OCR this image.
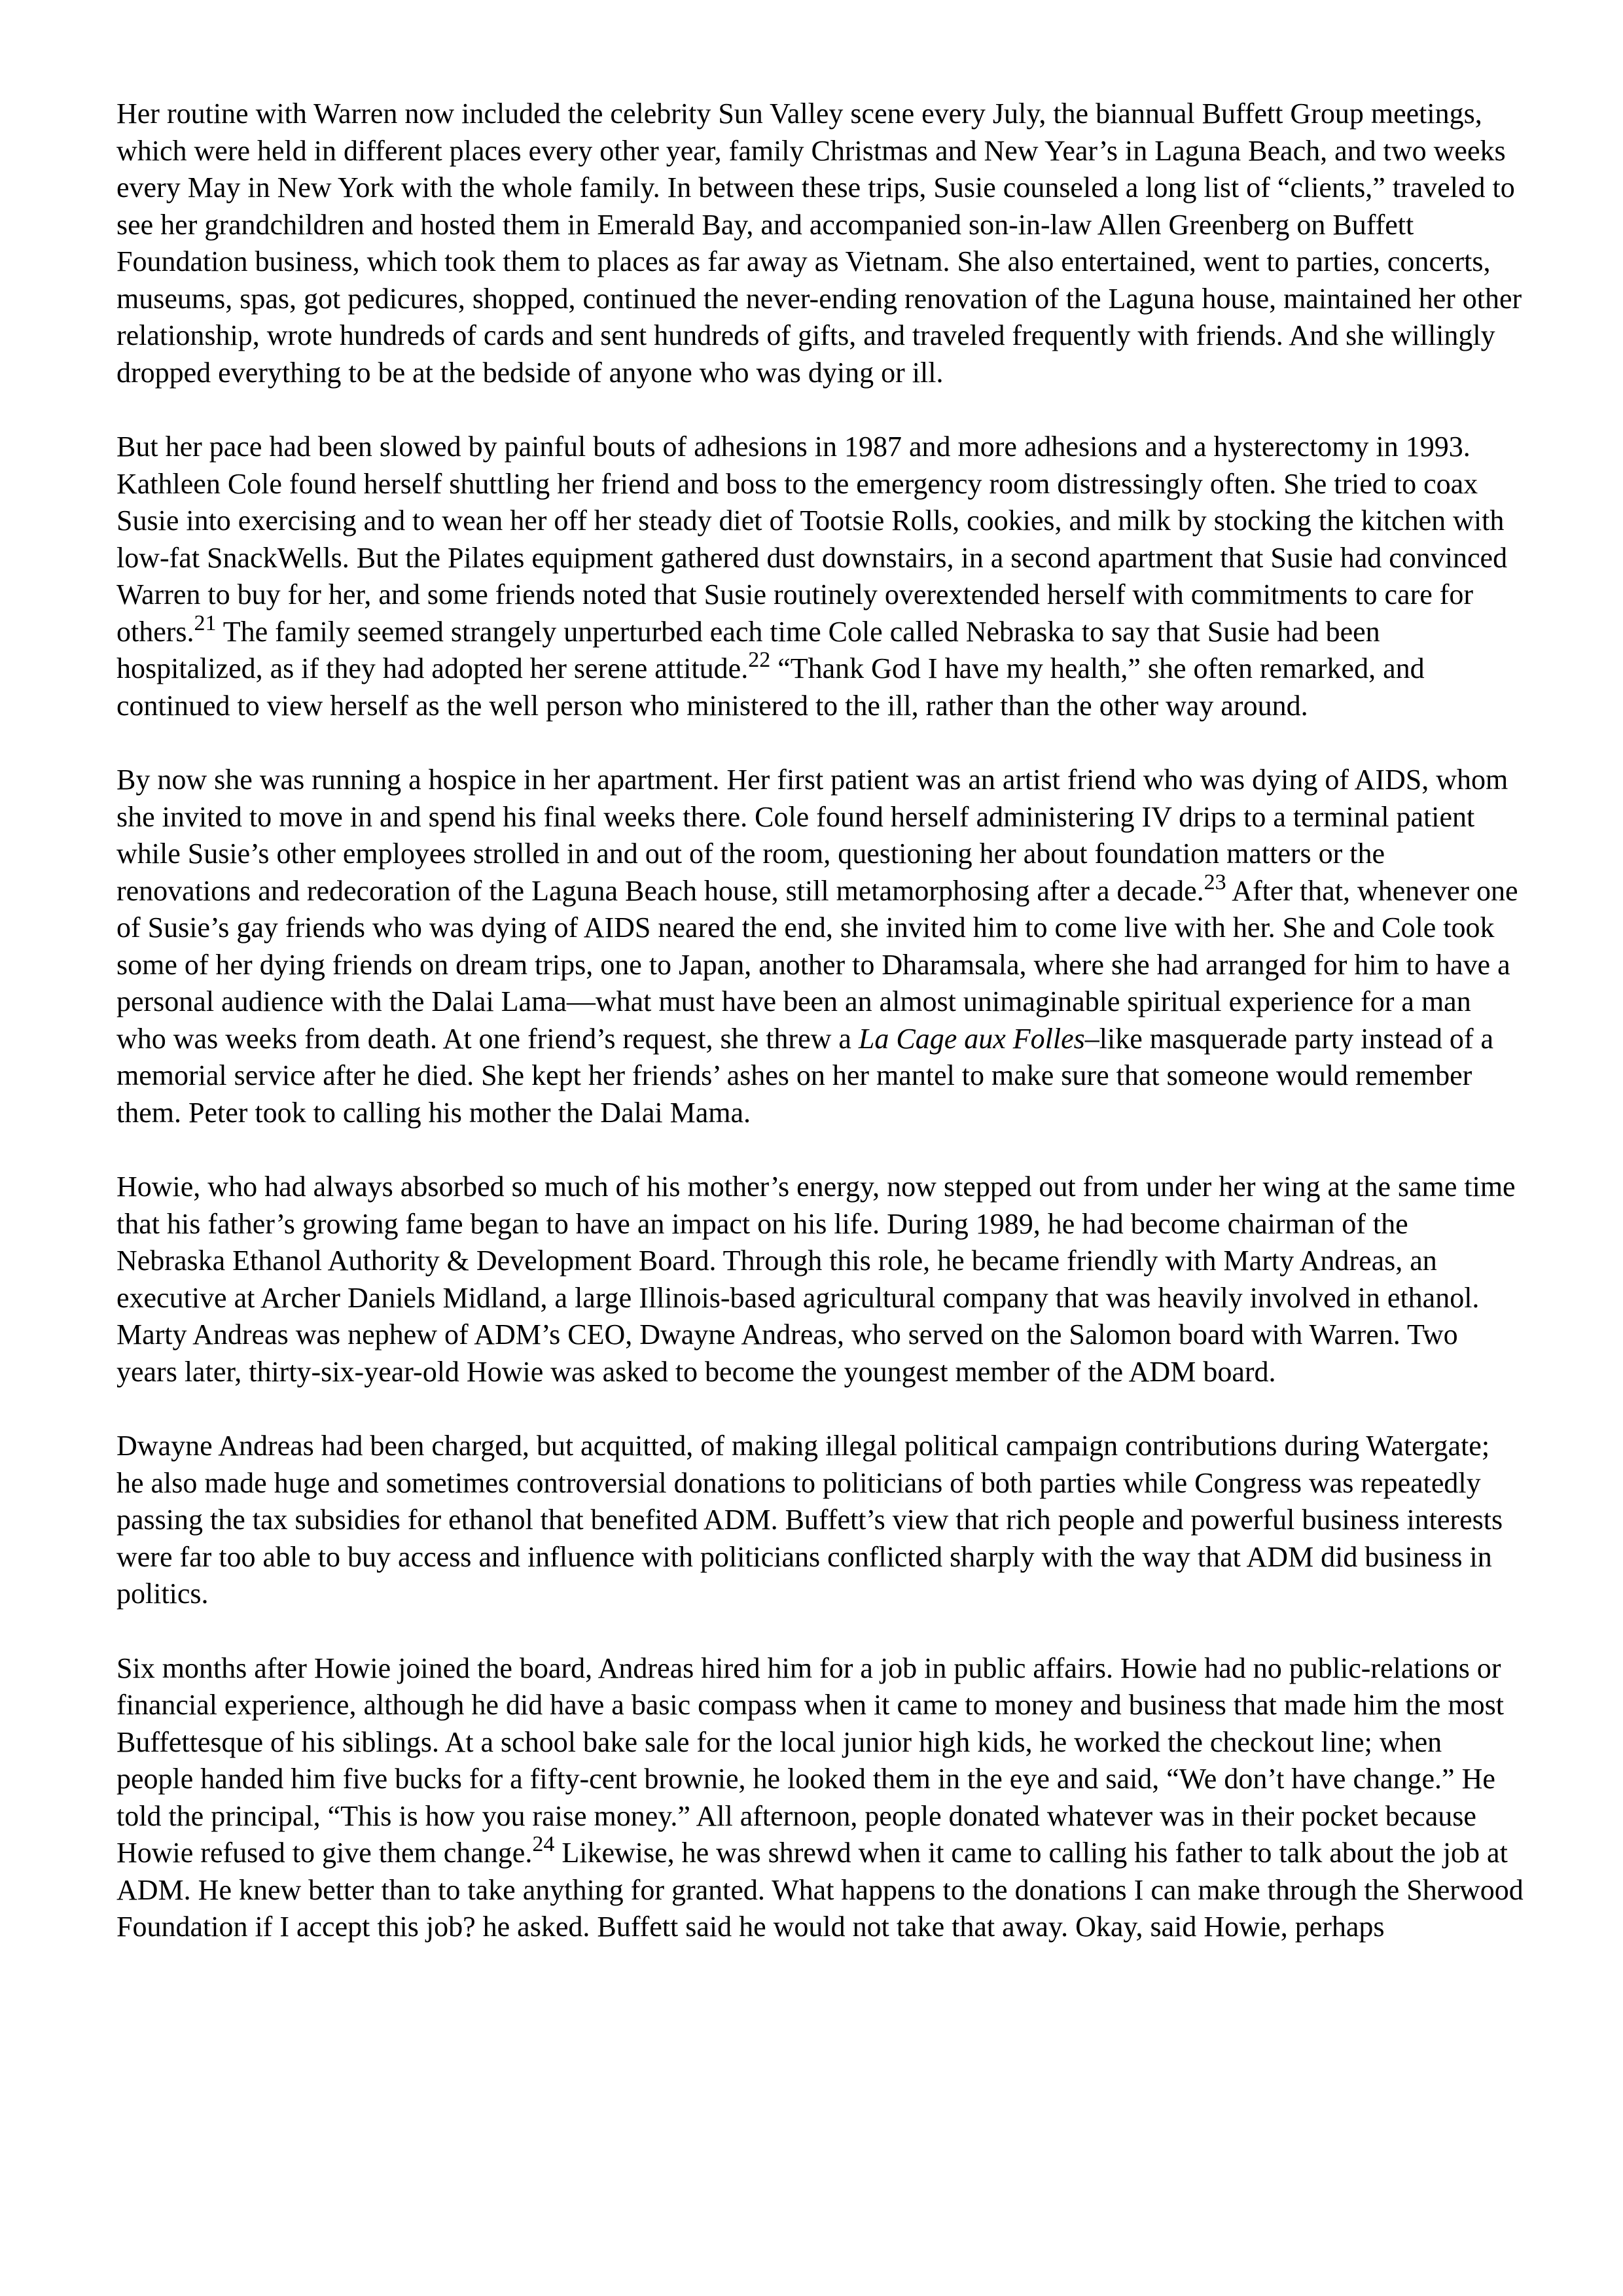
Her routine with Warren now included the celebrity Sun Valley scene every July, the biannual Buffett Group meetings, which were held in different places every other year, family Christmas and New Year’s in Laguna Beach, and two weeks every May in New York with the whole family. In between these trips, Susie counseled a long list of “clients,” traveled to see her grandchildren and hosted them in Emerald Bay, and accompanied son-in-law Allen Greenberg on Buffett Foundation business, which took them to places as far away as Vietnam. She also entertained, went to parties, concerts, museums, spas, got pedicures, shopped, continued the never-ending renovation of the Laguna house, maintained her other relationship, wrote hundreds of cards and sent hundreds of gifts, and traveled frequently with friends. And she willingly dropped everything to be at the bedside of anyone who was dying or ill.

But her pace had been slowed by painful bouts of adhesions in 1987 and more adhesions and a hysterectomy in 1993. Kathleen Cole found herself shuttling her friend and boss to the emergency room distressingly often. She tried to coax Susie into exercising and to wean her off her steady diet of Tootsie Rolls, cookies, and milk by stocking the kitchen with low-fat SnackWells. But the Pilates equipment gathered dust downstairs, in a second apartment that Susie had convinced Warren to buy for her, and some friends noted that Susie routinely overextended herself with commitments to care for others.$^{21}$ The family seemed strangely unperturbed each time Cole called Nebraska to say that Susie had been hospitalized, as if they had adopted her serene attitude.$^{22}$ “Thank God I have my health,” she often remarked, and continued to view herself as the well person who ministered to the ill, rather than the other way around.

By now she was running a hospice in her apartment. Her first patient was an artist friend who was dying of AIDS, whom she invited to move in and spend his final weeks there. Cole found herself administering IV drips to a terminal patient while Susie’s other employees strolled in and out of the room, questioning her about foundation matters or the renovations and redecoration of the Laguna Beach house, still metamorphosing after a decade.$^{23}$ After that, whenever one of Susie’s gay friends who was dying of AIDS neared the end, she invited him to come live with her. She and Cole took some of her dying friends on dream trips, one to Japan, another to Dharamsala, where she had arranged for him to have a personal audience with the Dalai Lama—what must have been an almost unimaginable spiritual experience for a man who was weeks from death. At one friend’s request, she threw a La Cage aux Folles–like masquerade party instead of a memorial service after he died. She kept her friends’ ashes on her mantel to make sure that someone would remember them. Peter took to calling his mother the Dalai Mama.

Howie, who had always absorbed so much of his mother’s energy, now stepped out from under her wing at the same time that his father’s growing fame began to have an impact on his life. During 1989, he had become chairman of the Nebraska Ethanol Authority & Development Board. Through this role, he became friendly with Marty Andreas, an executive at Archer Daniels Midland, a large Illinois-based agricultural company that was heavily involved in ethanol. Marty Andreas was nephew of ADM’s CEO, Dwayne Andreas, who served on the Salomon board with Warren. Two years later, thirty-six-year-old Howie was asked to become the youngest member of the ADM board.

Dwayne Andreas had been charged, but acquitted, of making illegal political campaign contributions during Watergate; he also made huge and sometimes controversial donations to politicians of both parties while Congress was repeatedly passing the tax subsidies for ethanol that benefited ADM. Buffett’s view that rich people and powerful business interests were far too able to buy access and influence with politicians conflicted sharply with the way that ADM did business in politics.

Six months after Howie joined the board, Andreas hired him for a job in public affairs. Howie had no public-relations or financial experience, although he did have a basic compass when it came to money and business that made him the most Buffettesque of his siblings. At a school bake sale for the local junior high kids, he worked the checkout line; when people handed him five bucks for a fifty-cent brownie, he looked them in the eye and said, “We don’t have change.” He told the principal, “This is how you raise money.” All afternoon, people donated whatever was in their pocket because Howie refused to give them change.$^{24}$ Likewise, he was shrewd when it came to calling his father to talk about the job at ADM. He knew better than to take anything for granted. What happens to the donations I can make through the Sherwood Foundation if I accept this job? he asked. Buffett said he would not take that away. Okay, said Howie, perhaps
